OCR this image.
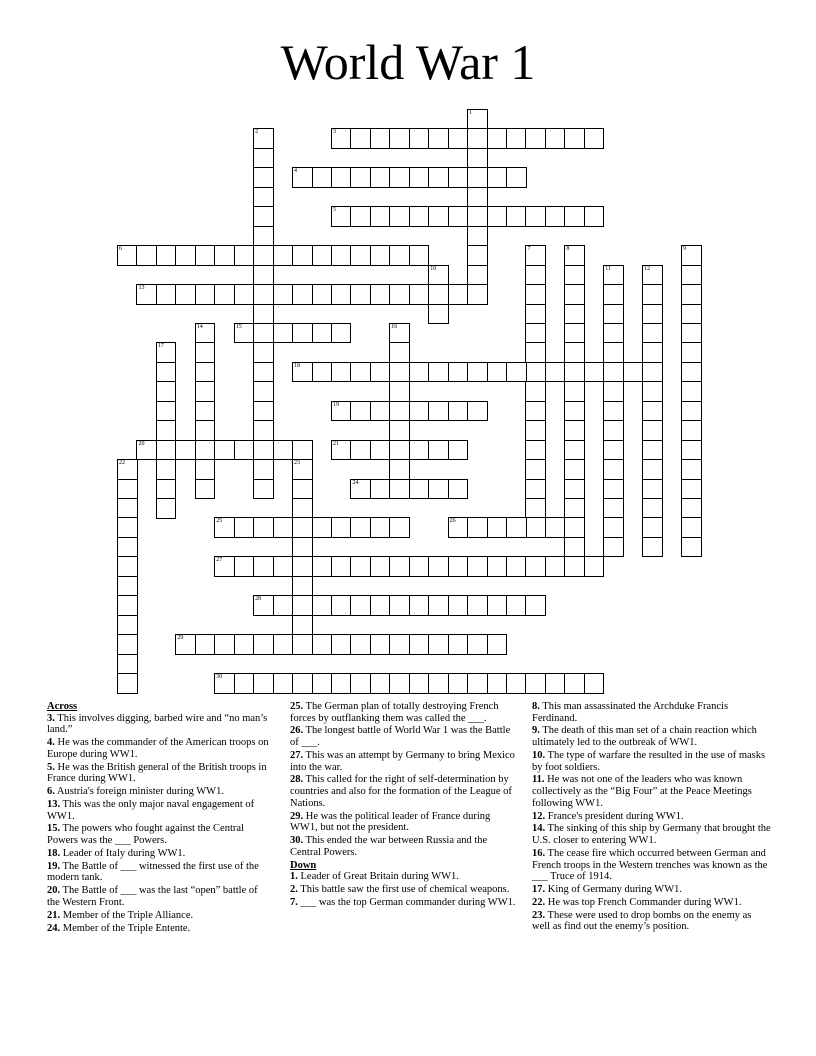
World War 1
1
2	3
4
5
6	7	8	9
10	11	12
13
14	15	16
17
18
19
20	21
22	23
24
25	26
27
28
29
30
Across
3. This involves digging, barbed wire and “no man’s land.”
4. He was the commander of the American troops on Europe during WW1.
5. He was the British general of the British troops in France during WW1.
6. Austria's foreign minister during WW1.
13. This was the only major naval engagement of WW1.
15. The powers who fought against the Central Powers was the ___ Powers.
18. Leader of Italy during WW1.
19. The Battle of ___ witnessed the first use of the modern tank.
20. The Battle of ___ was the last “open” battle of the Western Front.
21. Member of the Triple Alliance.
24. Member of the Triple Entente.
25. The German plan of totally destroying French forces by outflanking them was called the ___.
26. The longest battle of World War 1 was the Battle of ___.
27. This was an attempt by Germany to bring Mexico into the war.
28. This called for the right of self-determination by countries and also for the formation of the League of Nations.
29. He was the political leader of France during WW1, but not the president.
30. This ended the war between Russia and the Central Powers.
Down
1. Leader of Great Britain during WW1.
2. This battle saw the first use of chemical weapons.
7. ___ was the top German commander during WW1.
8. This man assassinated the Archduke Francis Ferdinand.
9. The death of this man set of a chain reaction which ultimately led to the outbreak of WW1.
10. The type of warfare the resulted in the use of masks by foot soldiers.
11. He was not one of the leaders who was known collectively as the “Big Four” at the Peace Meetings following WW1.
12. France's president during WW1.
14. The sinking of this ship by Germany that brought the U.S. closer to entering WW1.
16. The cease fire which occurred between German and French troops in the Western trenches was known as the ___ Truce of 1914.
17. King of Germany during WW1.
22. He was top French Commander during WW1.
23. These were used to drop bombs on the enemy as well as find out the enemy’s position.
